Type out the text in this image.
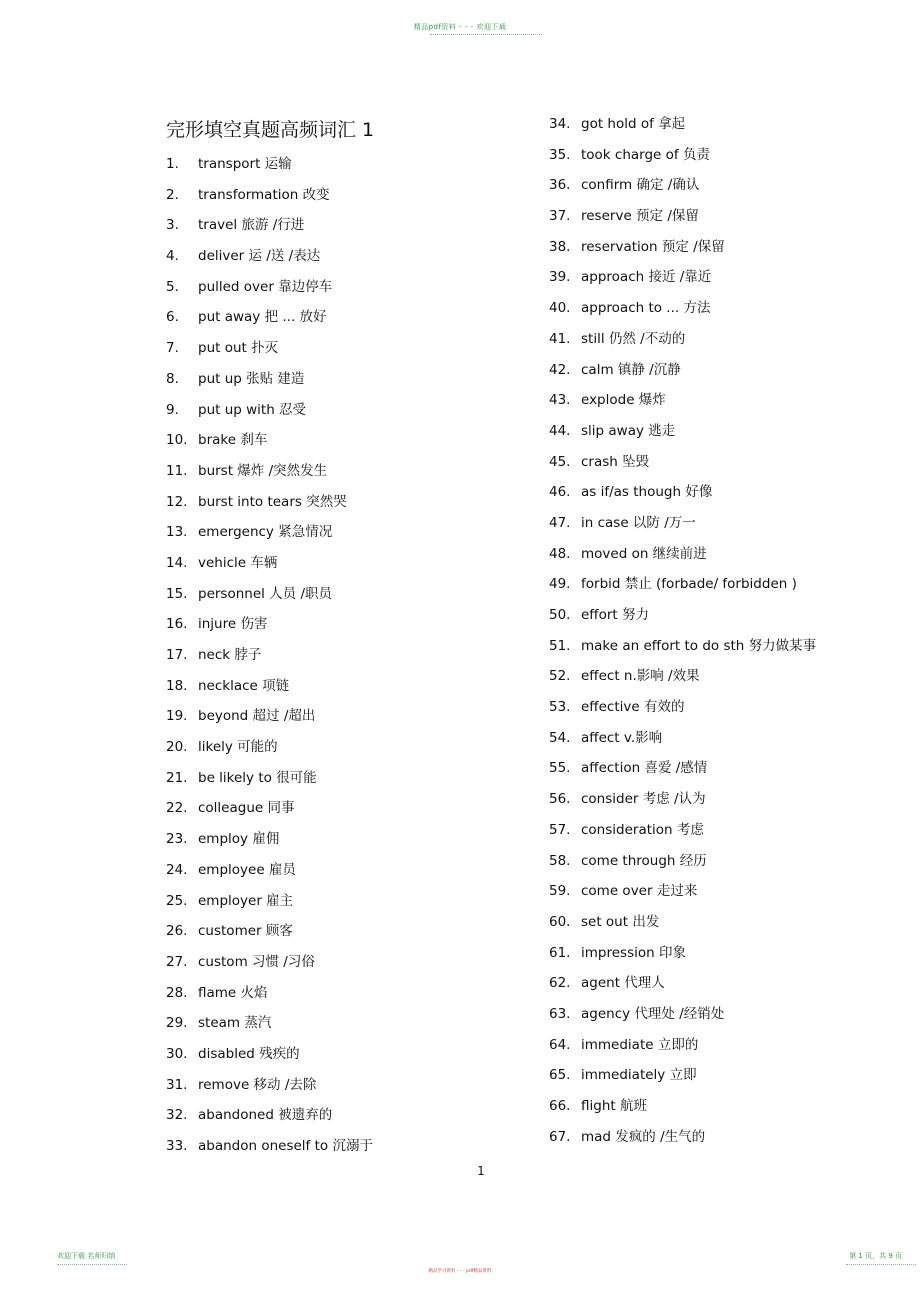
精品pdf资料 - - - 欢迎下载
完形填空真题高频词汇 1
1.	transport 运输
2.	transformation 改变
3.	travel 旅游 /行进
4.	deliver 运 /送 /表达
5.	pulled over 靠边停车
6.	put away 把 ... 放好
7.	put out 扑灭
8.	put up 张贴 建造
9.	put up with 忍受
10. brake 刹车
11. burst 爆炸 /突然发生
12. burst into tears 突然哭
13. emergency 紧急情况
14. vehicle 车辆
15. personnel 人员 /职员
16. injure 伤害
17. neck 脖子
18. necklace 项链
19. beyond 超过 /超出
20. likely 可能的
21. be likely to 很可能
22. colleague 同事
23. employ 雇佣
24. employee 雇员
25. employer 雇主
26. customer 顾客
27. custom 习惯 /习俗
28. flame 火焰
29. steam 蒸汽
30. disabled 残疾的
31. remove 移动 /去除
32. abandoned 被遗弃的
33. abandon oneself to 沉溺于
34. got hold of 拿起
35. took charge of 负责
36. confirm 确定 /确认
37. reserve 预定 /保留
38. reservation 预定 /保留
39. approach 接近 /靠近
40. approach to ... 方法
41. still 仍然 /不动的
42. calm 镇静 /沉静
43. explode 爆炸
44. slip away 逃走
45. crash 坠毁
46. as if/as though 好像
47. in case 以防 /万一
48. moved on 继续前进
49. forbid 禁止 (forbade/ forbidden )
50. effort 努力
51. make an effort to do sth 努力做某事
52. effect n.影响 /效果
53. effective 有效的
54. affect v.影响
55. affection 喜爱 /感情
56. consider 考虑 /认为
57. consideration 考虑
58. come through 经历
59. come over 走过来
60. set out 出发
61. impression 印象
62. agent 代理人
63. agency 代理处 /经销处
64. immediate 立即的
65. immediately 立即
66. flight 航班
67. mad 发疯的 /生气的
1
欢迎下载 名师归纳
精品学习资料 - - - pdf精品资料
第 1 页，共 9 页
